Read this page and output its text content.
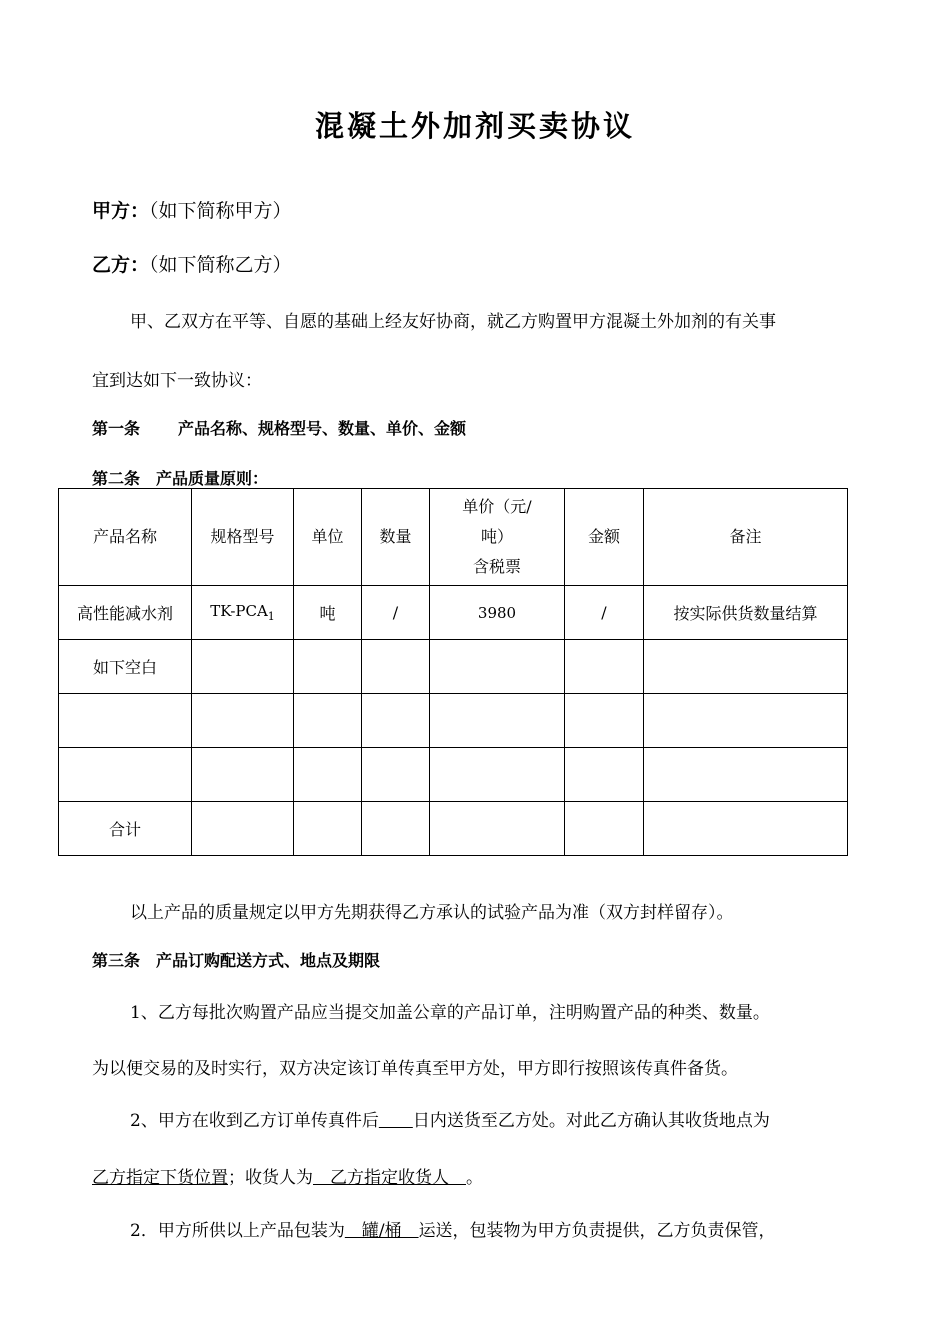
混凝土外加剂买卖协议
甲方：（如下简称甲方）
乙方：（如下简称乙方）
甲、乙双方在平等、自愿的基础上经友好协商，就乙方购置甲方混凝土外加剂的有关事
宜到达如下一致协议：
第一条 产品名称、规格型号、数量、单价、金额
第二条 产品质量原则：
产品名称	规格型号	单位	数量	单价（元/
吨）
含税票	金额	备注
高性能减水剂	$TK-PCA_1$	吨	/	3980	/	按实际供货数量结算
如下空白						

合计						
以上产品的质量规定以甲方先期获得乙方承认的试验产品为准（双方封样留存）。
第三条 产品订购配送方式、地点及期限
1、乙方每批次购置产品应当提交加盖公章的产品订单，注明购置产品的种类、数量。
为以便交易的及时实行，双方决定该订单传真至甲方处，甲方即行按照该传真件备货。
2、甲方在收到乙方订单传真件后　　 日内送货至乙方处。对此乙方确认其收货地点为
乙方指定下货位置；收货人为　乙方指定收货人　。
2．甲方所供以上产品包装为　罐/桶　运送，包装物为甲方负责提供，乙方负责保管，
